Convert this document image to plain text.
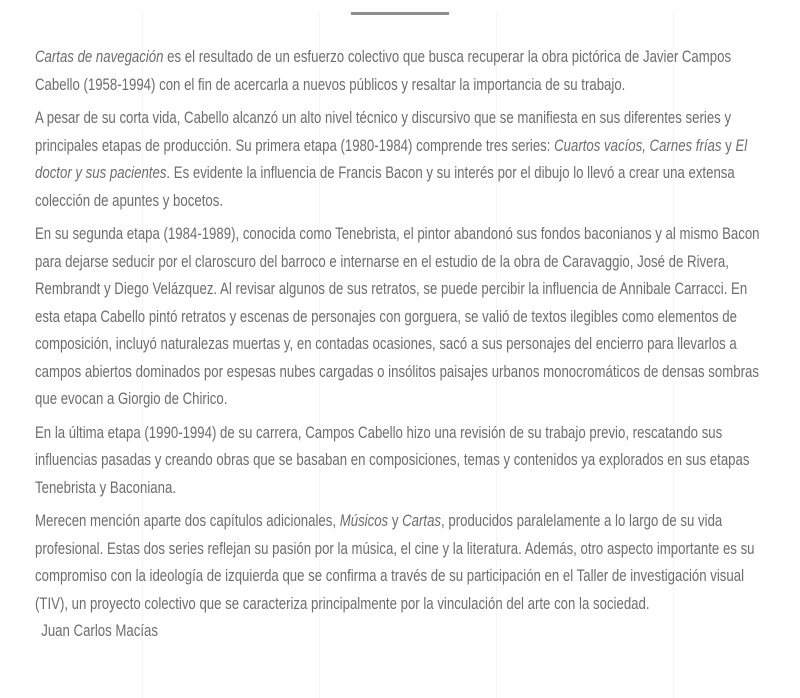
Cartas de navegación es el resultado de un esfuerzo colectivo que busca recuperar la obra pictórica de Javier Campos Cabello (1958-1994) con el fin de acercarla a nuevos públicos y resaltar la importancia de su trabajo.

A pesar de su corta vida, Cabello alcanzó un alto nivel técnico y discursivo que se manifiesta en sus diferentes series y principales etapas de producción. Su primera etapa (1980-1984) comprende tres series: Cuartos vacíos, Carnes frías y El doctor y sus pacientes. Es evidente la influencia de Francis Bacon y su interés por el dibujo lo llevó a crear una extensa colección de apuntes y bocetos.

En su segunda etapa (1984-1989), conocida como Tenebrista, el pintor abandonó sus fondos baconianos y al mismo Bacon para dejarse seducir por el claroscuro del barroco e internarse en el estudio de la obra de Caravaggio, José de Rivera, Rembrandt y Diego Velázquez. Al revisar algunos de sus retratos, se puede percibir la influencia de Annibale Carracci. En esta etapa Cabello pintó retratos y escenas de personajes con gorguera, se valió de textos ilegibles como elementos de composición, incluyó naturalezas muertas y, en contadas ocasiones, sacó a sus personajes del encierro para llevarlos a campos abiertos dominados por espesas nubes cargadas o insólitos paisajes urbanos monocromáticos de densas sombras que evocan a Giorgio de Chirico.

En la última etapa (1990-1994) de su carrera, Campos Cabello hizo una revisión de su trabajo previo, rescatando sus influencias pasadas y creando obras que se basaban en composiciones, temas y contenidos ya explorados en sus etapas Tenebrista y Baconiana.

Merecen mención aparte dos capítulos adicionales, Músicos y Cartas, producidos paralelamente a lo largo de su vida profesional. Estas dos series reflejan su pasión por la música, el cine y la literatura. Además, otro aspecto importante es su compromiso con la ideología de izquierda que se confirma a través de su participación en el Taller de investigación visual (TIV), un proyecto colectivo que se caracteriza principalmente por la vinculación del arte con la sociedad.

Juan Carlos Macías
